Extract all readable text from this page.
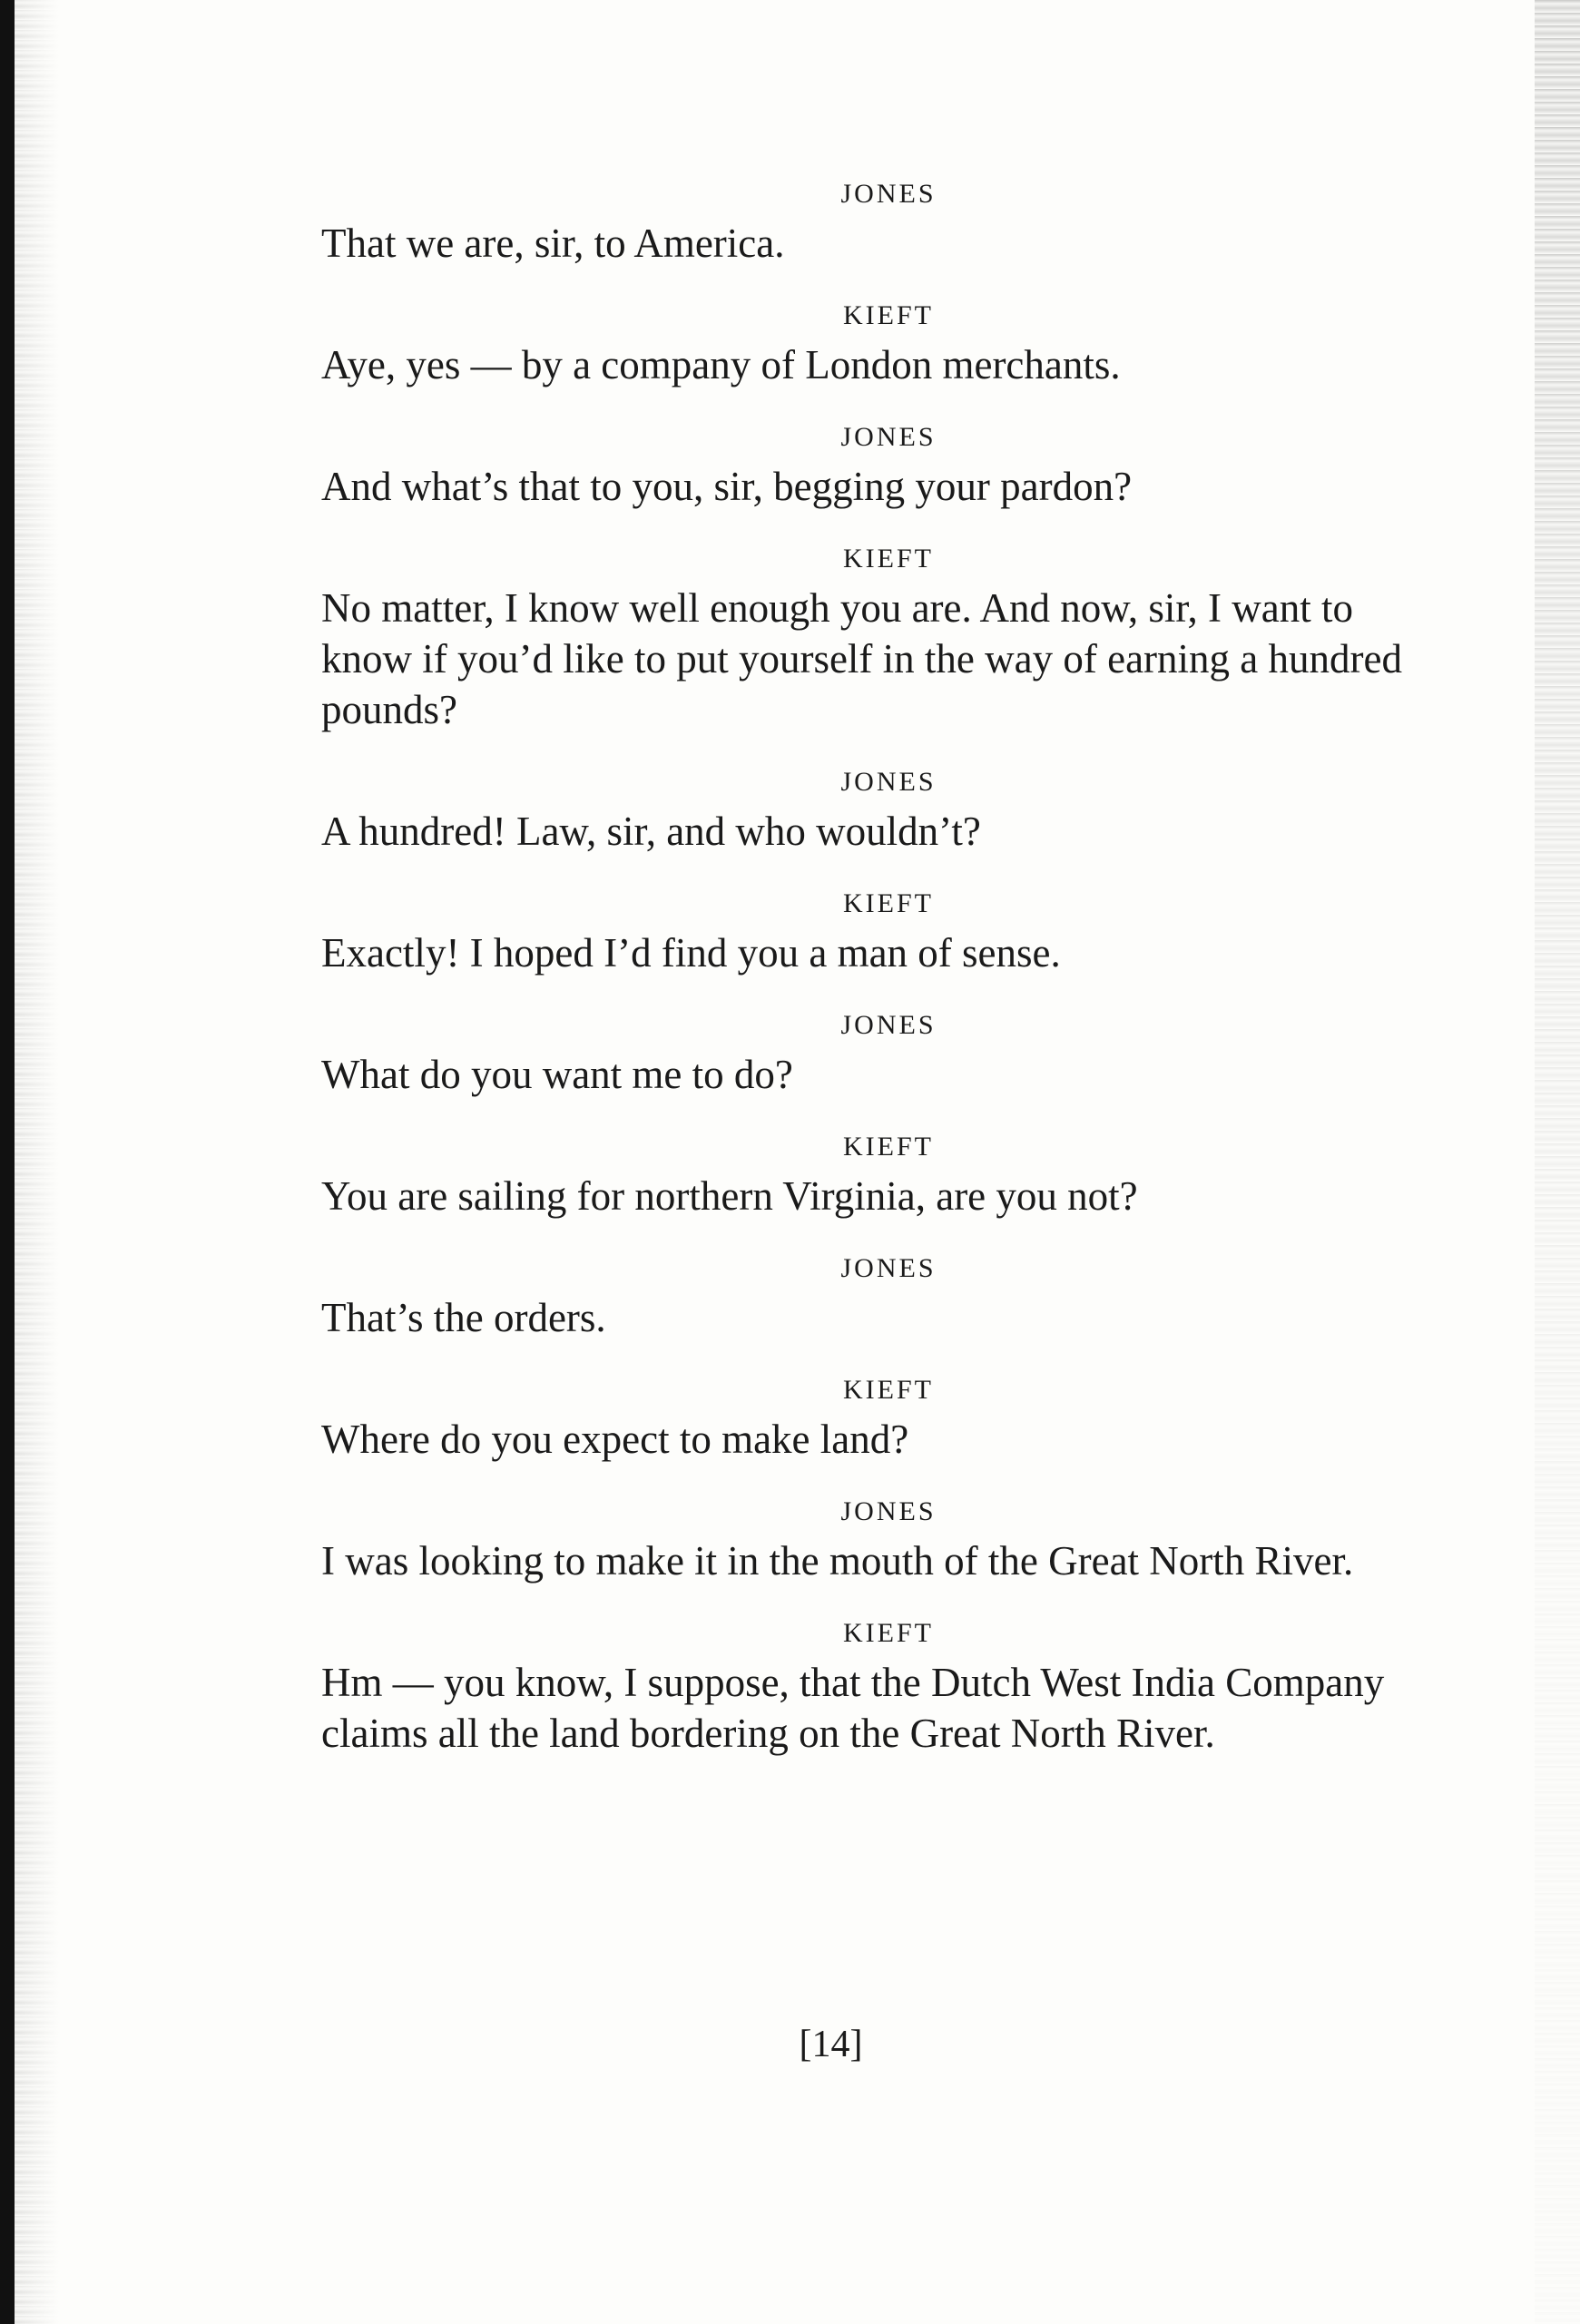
JONES
That we are, sir, to America.
KIEFT
Aye, yes — by a company of London merchants.
JONES
And what’s that to you, sir, begging your pardon?
KIEFT
No matter, I know well enough you are. And now, sir, I want to know if you’d like to put yourself in the way of earning a hundred pounds?
JONES
A hundred! Law, sir, and who wouldn’t?
KIEFT
Exactly! I hoped I’d find you a man of sense.
JONES
What do you want me to do?
KIEFT
You are sailing for northern Virginia, are you not?
JONES
That’s the orders.
KIEFT
Where do you expect to make land?
JONES
I was looking to make it in the mouth of the Great North River.
KIEFT
Hm — you know, I suppose, that the Dutch West India Company claims all the land bordering on the Great North River.
[14]
